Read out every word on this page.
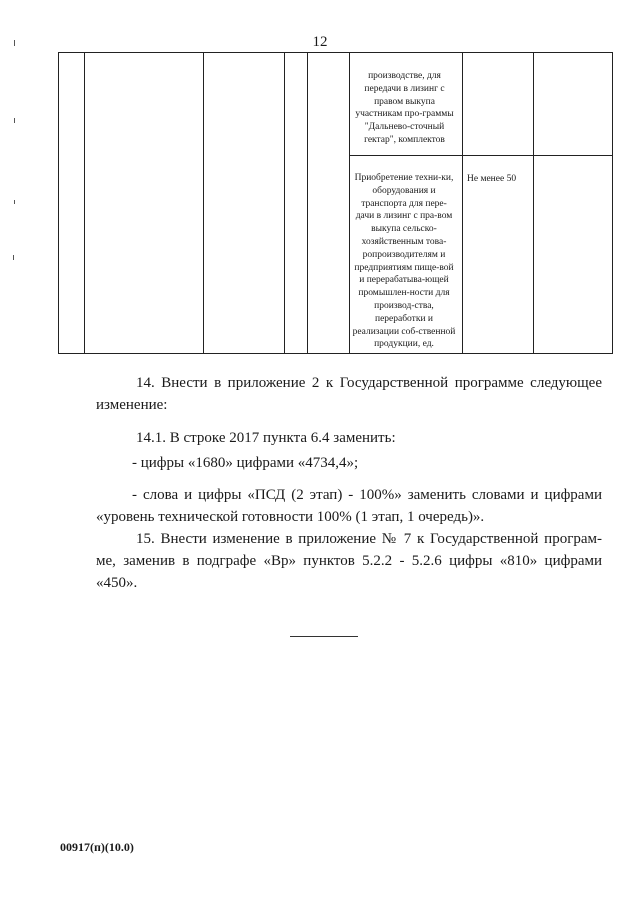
12
производстве, для передачи в лизинг с правом выкупа участникам про-граммы "Дальнево-сточный гектар", комплектов
Приобретение техни-ки, оборудования и транспорта для пере-дачи в лизинг с пра-вом выкупа сельско-хозяйственным това-ропроизводителям и предприятиям пище-вой и перерабатыва-ющей промышлен-ности для производ-ства, переработки и реализации соб-ственной продукции, ед.
Не менее 50
14. Внести в приложение 2 к Государственной программе следующее изменение:
14.1. В строке 2017 пункта 6.4 заменить:
- цифры «1680» цифрами «4734,4»;
- слова и цифры «ПСД (2 этап) - 100%» заменить словами и цифрами «уровень технической готовности 100% (1 этап, 1 очередь)».
15. Внести изменение в приложение № 7 к Государственной програм-ме, заменив в подграфе «Вр» пунктов 5.2.2 - 5.2.6 цифры «810» цифрами «450».
00917(п)(10.0)
